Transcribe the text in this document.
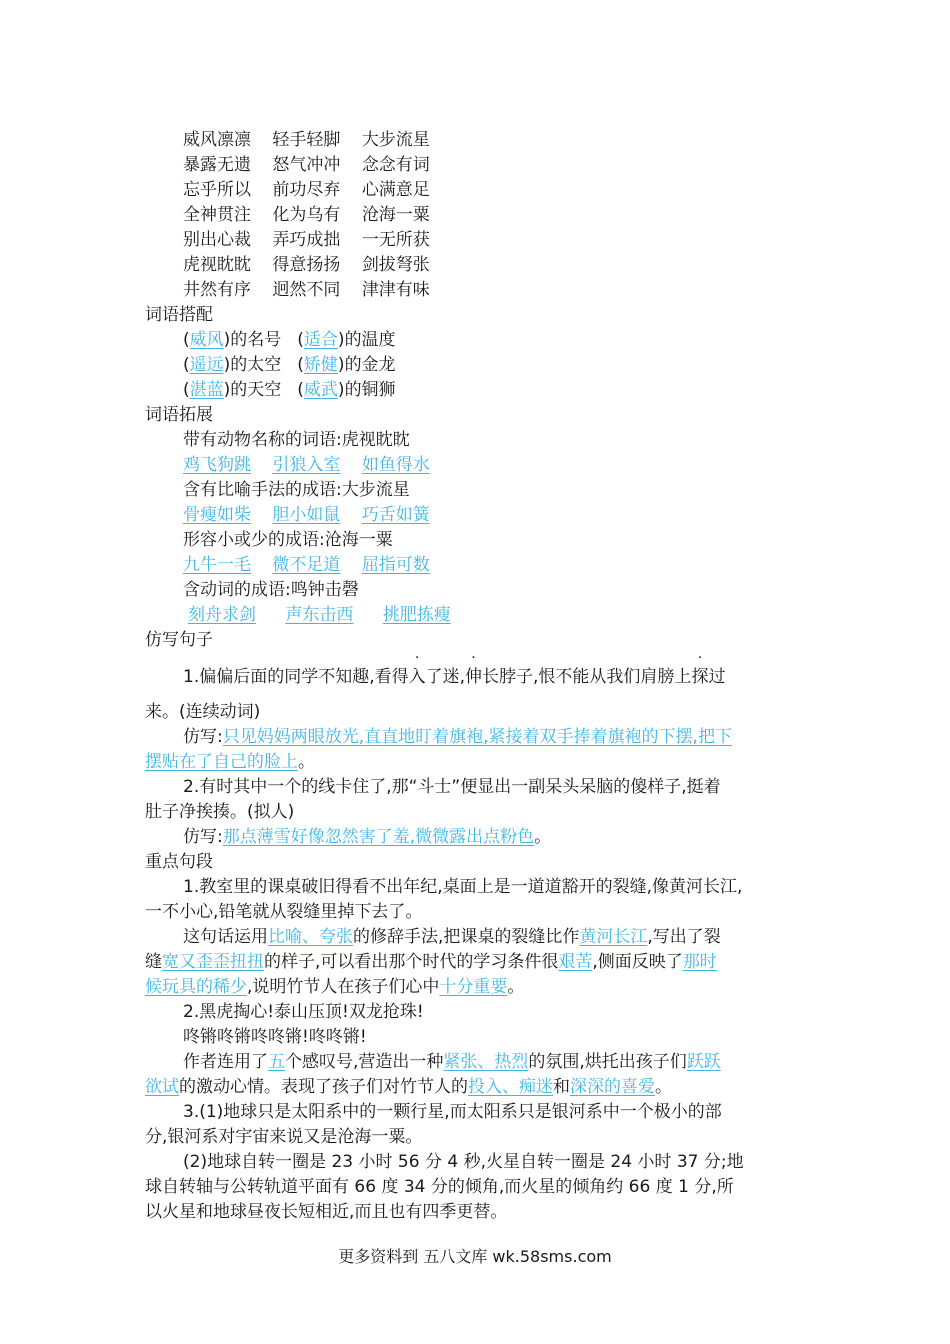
威风凛凛 轻手轻脚 大步流星
暴露无遗 怒气冲冲 念念有词
忘乎所以 前功尽弃 心满意足
全神贯注 化为乌有 沧海一粟
别出心裁 弄巧成拙 一无所获
虎视眈眈 得意扬扬 剑拔弩张
井然有序 迥然不同 津津有味
词语搭配
(威风)的名号 (适合)的温度
(遥远)的太空 (矫健)的金龙
(湛蓝)的天空 (威武)的铜狮
词语拓展
带有动物名称的词语:虎视眈眈
鸡飞狗跳 引狼入室 如鱼得水
含有比喻手法的成语:大步流星
骨瘦如柴 胆小如鼠 巧舌如簧
形容小或少的成语:沧海一粟
九牛一毛 微不足道 屈指可数
含动词的成语:鸣钟击磬
刻舟求剑 声东击西 挑肥拣瘦
仿写句子
1.偏偏后面的同学不知趣,看得
·
入了迷,
·
伸长脖子,恨不能从我们肩膀上
·
探过
来。(连续动词)
仿写:只见妈妈两眼放光,直直地盯着旗袍,紧接着双手捧着旗袍的下摆,把下
摆贴在了自己的脸上。
2.有时其中一个的线卡住了,那“斗士”便显出一副呆头呆脑的傻样子,挺着
肚子净挨揍。(拟人)
仿写:那点薄雪好像忽然害了羞,微微露出点粉色。
重点句段
1.教室里的课桌破旧得看不出年纪,桌面上是一道道豁开的裂缝,像黄河长江,
一不小心,铅笔就从裂缝里掉下去了。
这句话运用比喻、夸张的修辞手法,把课桌的裂缝比作黄河长江,写出了裂
缝宽又歪歪扭扭的样子,可以看出那个时代的学习条件很艰苦,侧面反映了那时
候玩具的稀少,说明竹节人在孩子们心中十分重要。
2.黑虎掏心!泰山压顶!双龙抢珠!
咚锵咚锵咚咚锵!咚咚锵!
作者连用了五个感叹号,营造出一种紧张、热烈的氛围,烘托出孩子们跃跃
欲试的激动心情。表现了孩子们对竹节人的投入、痴迷和深深的喜爱。
3.(1)地球只是太阳系中的一颗行星,而太阳系只是银河系中一个极小的部
分,银河系对宇宙来说又是沧海一粟。
(2)地球自转一圈是 23 小时 56 分 4 秒,火星自转一圈是 24 小时 37 分;地
球自转轴与公转轨道平面有 66 度 34 分的倾角,而火星的倾角约 66 度 1 分,所
以火星和地球昼夜长短相近,而且也有四季更替。
更多资料到 五八文库 wk.58sms.com
